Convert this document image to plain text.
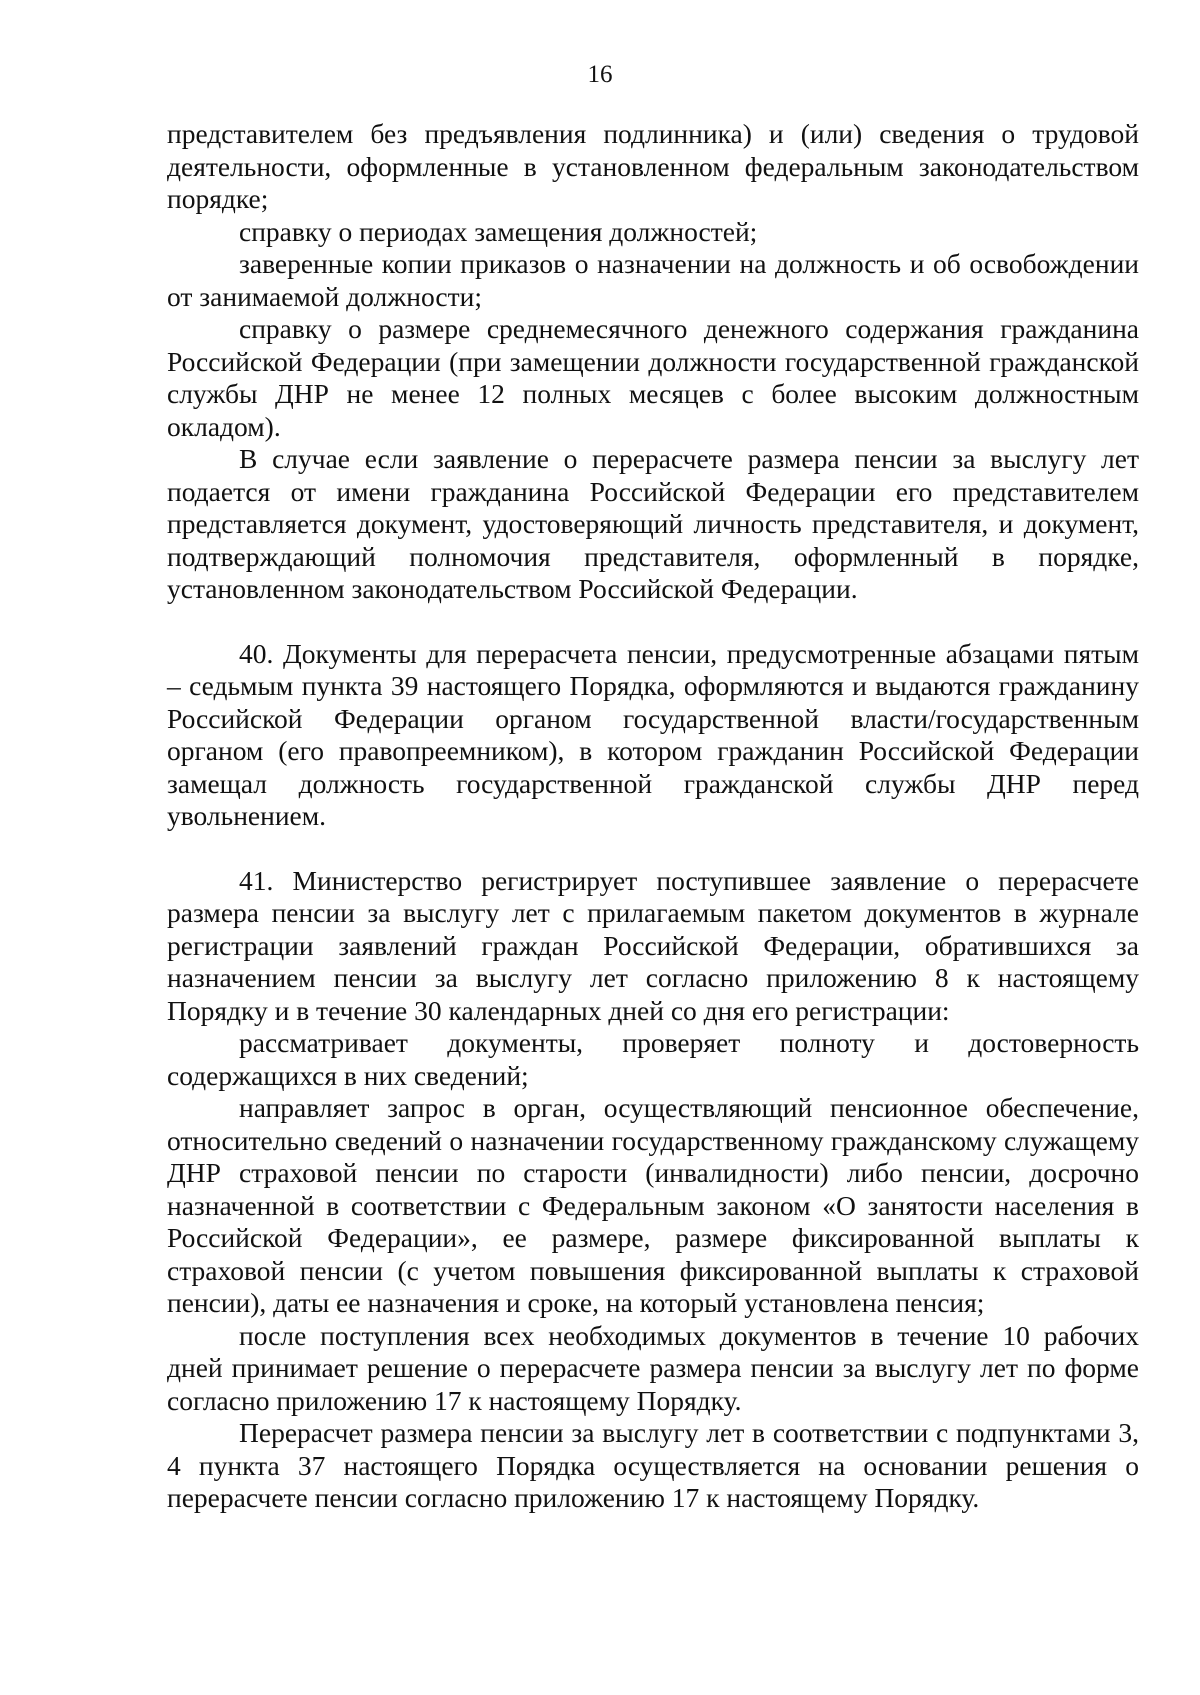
16

представителем без предъявления подлинника) и (или) сведения о трудовой деятельности, оформленные в установленном федеральным законодательством порядке;

справку о периодах замещения должностей;

заверенные копии приказов о назначении на должность и об освобождении от занимаемой должности;

справку о размере среднемесячного денежного содержания гражданина Российской Федерации (при замещении должности государственной гражданской службы ДНР не менее 12 полных месяцев с более высоким должностным окладом).

В случае если заявление о перерасчете размера пенсии за выслугу лет подается от имени гражданина Российской Федерации его представителем представляется документ, удостоверяющий личность представителя, и документ, подтверждающий полномочия представителя, оформленный в порядке, установленном законодательством Российской Федерации.

40. Документы для перерасчета пенсии, предусмотренные абзацами пятым – седьмым пункта 39 настоящего Порядка, оформляются и выдаются гражданину Российской Федерации органом государственной власти/государственным органом (его правопреемником), в котором гражданин Российской Федерации замещал должность государственной гражданской службы ДНР перед увольнением.

41. Министерство регистрирует поступившее заявление о перерасчете размера пенсии за выслугу лет с прилагаемым пакетом документов в журнале регистрации заявлений граждан Российской Федерации, обратившихся за назначением пенсии за выслугу лет согласно приложению 8 к настоящему Порядку и в течение 30 календарных дней со дня его регистрации:

рассматривает документы, проверяет полноту и достоверность содержащихся в них сведений;

направляет запрос в орган, осуществляющий пенсионное обеспечение, относительно сведений о назначении государственному гражданскому служащему ДНР страховой пенсии по старости (инвалидности) либо пенсии, досрочно назначенной в соответствии с Федеральным законом «О занятости населения в Российской Федерации», ее размере, размере фиксированной выплаты к страховой пенсии (с учетом повышения фиксированной выплаты к страховой пенсии), даты ее назначения и сроке, на который установлена пенсия;

после поступления всех необходимых документов в течение 10 рабочих дней принимает решение о перерасчете размера пенсии за выслугу лет по форме согласно приложению 17 к настоящему Порядку.

Перерасчет размера пенсии за выслугу лет в соответствии с подпунктами 3, 4 пункта 37 настоящего Порядка осуществляется на основании решения о перерасчете пенсии согласно приложению 17 к настоящему Порядку.
